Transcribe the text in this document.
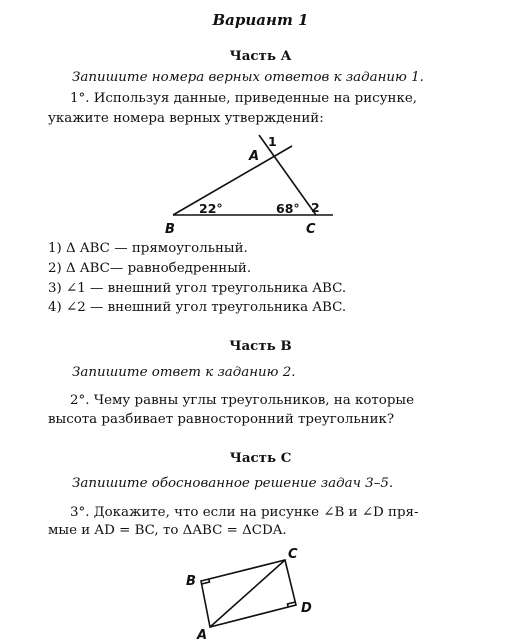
Вариант 1
Часть А
Запишите номера верных ответов к заданию 1.
1°. Используя данные, приведенные на рисунке,
укажите номера верных утверждений:
A
B	C
1
2
22°	68°
1) Δ ABC — прямоугольный.
2) Δ ABC— равнобедренный.
3) ∠1 — внешний угол треугольника ABC.
4) ∠2 — внешний угол треугольника ABC.
Часть B
Запишите ответ к заданию 2.
2°. Чему равны углы треугольников, на которые
высота разбивает равносторонний треугольник?
Часть C
Запишите обоснованное решение задач 3–5.
3°. Докажите, что если на рисунке ∠B и ∠D пря-
мые и AD = BC, то ΔABC = ΔCDA.
B
C
D
A
